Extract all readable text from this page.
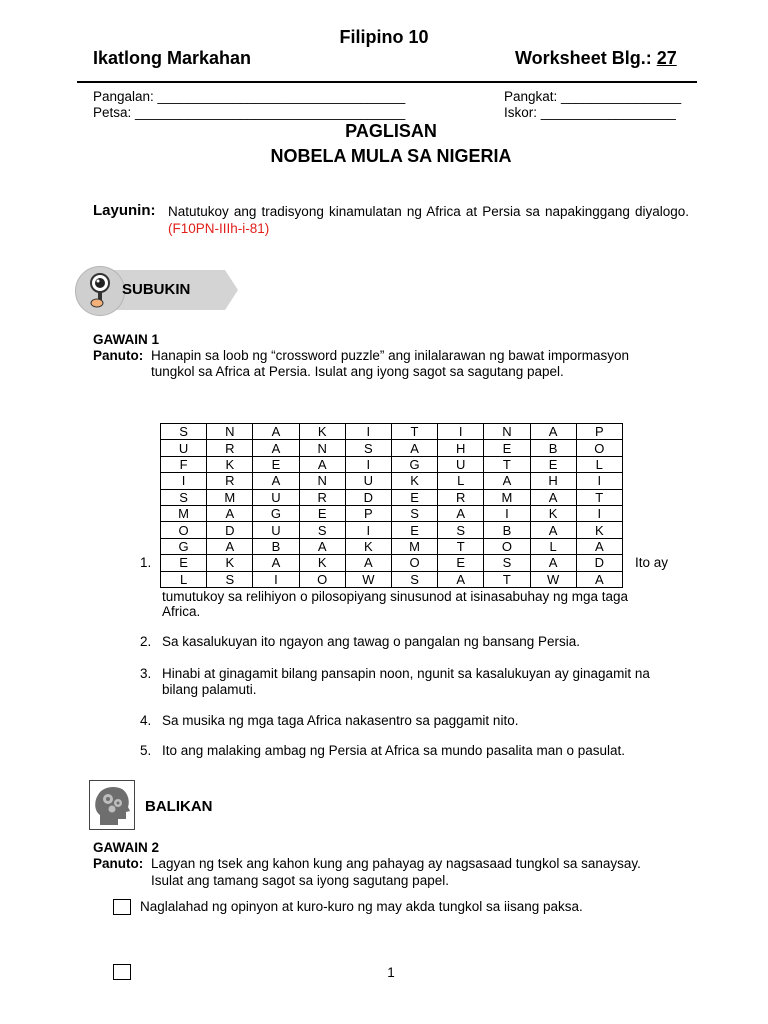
Filipino 10
Ikatlong Markahan	Worksheet Blg.: 27
Pangalan: _________________________________
Petsa: ____________________________________
Pangkat: ________________
Iskor: __________________
PAGLISAN
NOBELA MULA SA NIGERIA
Layunin: Natutukoy ang tradisyong kinamulatan ng Africa at Persia sa napakinggang diyalogo. (F10PN-IIIh-i-81)
SUBUKIN
GAWAIN 1
Panuto: Hanapin sa loob ng “crossword puzzle” ang inilalarawan ng bawat impormasyon
tungkol sa Africa at Persia. Isulat ang iyong sagot sa sagutang papel.
S	N	A	K	I	T	I	N	A	P
U	R	A	N	S	A	H	E	B	O
F	K	E	A	I	G	U	T	E	L
I	R	A	N	U	K	L	A	H	I
S	M	U	R	D	E	R	M	A	T
M	A	G	E	P	S	A	I	K	I
O	D	U	S	I	E	S	B	A	K
G	A	B	A	K	M	T	O	L	A
E	K	A	K	A	O	E	S	A	D
L	S	I	O	W	S	A	T	W	A
1.	Ito ay
tumutukoy sa relihiyon o pilosopiyang sinusunod at isinasabuhay ng mga taga
Africa.
2. Sa kasalukuyan ito ngayon ang tawag o pangalan ng bansang Persia.
3. Hinabi at ginagamit bilang pansapin noon, ngunit sa kasalukuyan ay ginagamit na
bilang palamuti.
4. Sa musika ng mga taga Africa nakasentro sa paggamit nito.
5. Ito ang malaking ambag ng Persia at Africa sa mundo pasalita man o pasulat.
BALIKAN
GAWAIN 2
Panuto: Lagyan ng tsek ang kahon kung ang pahayag ay nagsasaad tungkol sa sanaysay.
Isulat ang tamang sagot sa iyong sagutang papel.
Naglalahad ng opinyon at kuro-kuro ng may akda tungkol sa iisang paksa.
1
